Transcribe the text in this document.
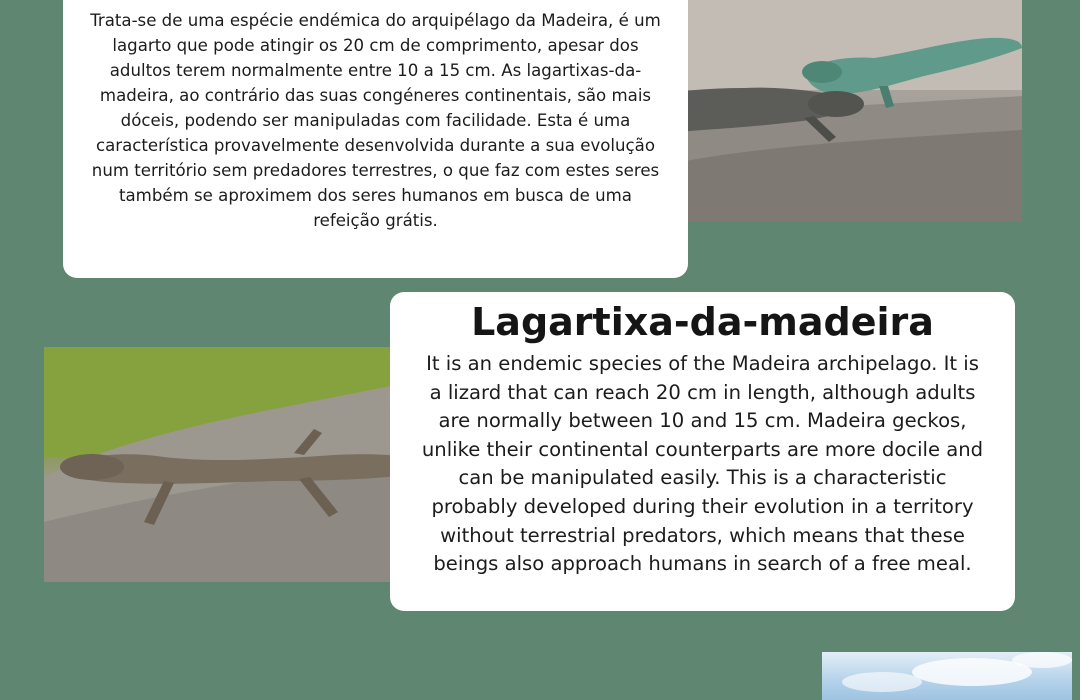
Trata-se de uma espécie endémica do arquipélago da Madeira, é um lagarto que pode atingir os 20 cm de comprimento, apesar dos adultos terem normalmente entre 10 a 15 cm. As lagartixas-da-madeira, ao contrário das suas congéneres continentais, são mais dóceis, podendo ser manipuladas com facilidade. Esta é uma característica provavelmente desenvolvida durante a sua evolução num território sem predadores terrestres, o que faz com estes seres também se aproximem dos seres humanos em busca de uma refeição grátis.

Lagartixa-da-madeira

It is an endemic species of the Madeira archipelago. It is a lizard that can reach 20 cm in length, although adults are normally between 10 and 15 cm. Madeira geckos, unlike their continental counterparts are more docile and can be manipulated easily. This is a characteristic probably developed during their evolution in a territory without terrestrial predators, which means that these beings also approach humans in search of a free meal.
